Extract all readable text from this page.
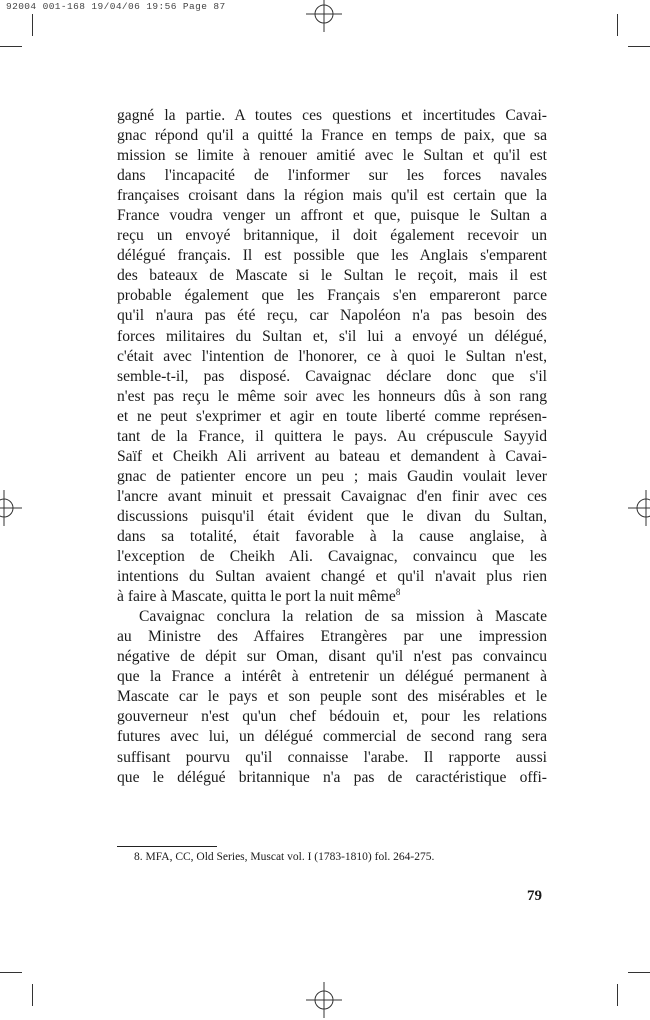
92004 001-168 19/04/06 19:56 Page 87
gagné la partie. A toutes ces questions et incertitudes Cavai-
gnac répond qu'il a quitté la France en temps de paix, que sa
mission se limite à renouer amitié avec le Sultan et qu'il est
dans l'incapacité de l'informer sur les forces navales
françaises croisant dans la région mais qu'il est certain que la
France voudra venger un affront et que, puisque le Sultan a
reçu un envoyé britannique, il doit également recevoir un
délégué français. Il est possible que les Anglais s'emparent
des bateaux de Mascate si le Sultan le reçoit, mais il est
probable également que les Français s'en empareront parce
qu'il n'aura pas été reçu, car Napoléon n'a pas besoin des
forces militaires du Sultan et, s'il lui a envoyé un délégué,
c'était avec l'intention de l'honorer, ce à quoi le Sultan n'est,
semble-t-il, pas disposé. Cavaignac déclare donc que s'il
n'est pas reçu le même soir avec les honneurs dûs à son rang
et ne peut s'exprimer et agir en toute liberté comme représen-
tant de la France, il quittera le pays. Au crépuscule Sayyid
Saïf et Cheikh Ali arrivent au bateau et demandent à Cavai-
gnac de patienter encore un peu ; mais Gaudin voulait lever
l'ancre avant minuit et pressait Cavaignac d'en finir avec ces
discussions puisqu'il était évident que le divan du Sultan,
dans sa totalité, était favorable à la cause anglaise, à
l'exception de Cheikh Ali. Cavaignac, convaincu que les
intentions du Sultan avaient changé et qu'il n'avait plus rien
à faire à Mascate, quitta le port la nuit même$^8$
Cavaignac conclura la relation de sa mission à Mascate
au Ministre des Affaires Etrangères par une impression
négative de dépit sur Oman, disant qu'il n'est pas convaincu
que la France a intérêt à entretenir un délégué permanent à
Mascate car le pays et son peuple sont des misérables et le
gouverneur n'est qu'un chef bédouin et, pour les relations
futures avec lui, un délégué commercial de second rang sera
suffisant pourvu qu'il connaisse l'arabe. Il rapporte aussi
que le délégué britannique n'a pas de caractéristique offi-
8. MFA, CC, Old Series, Muscat vol. I (1783-1810) fol. 264-275.
79
